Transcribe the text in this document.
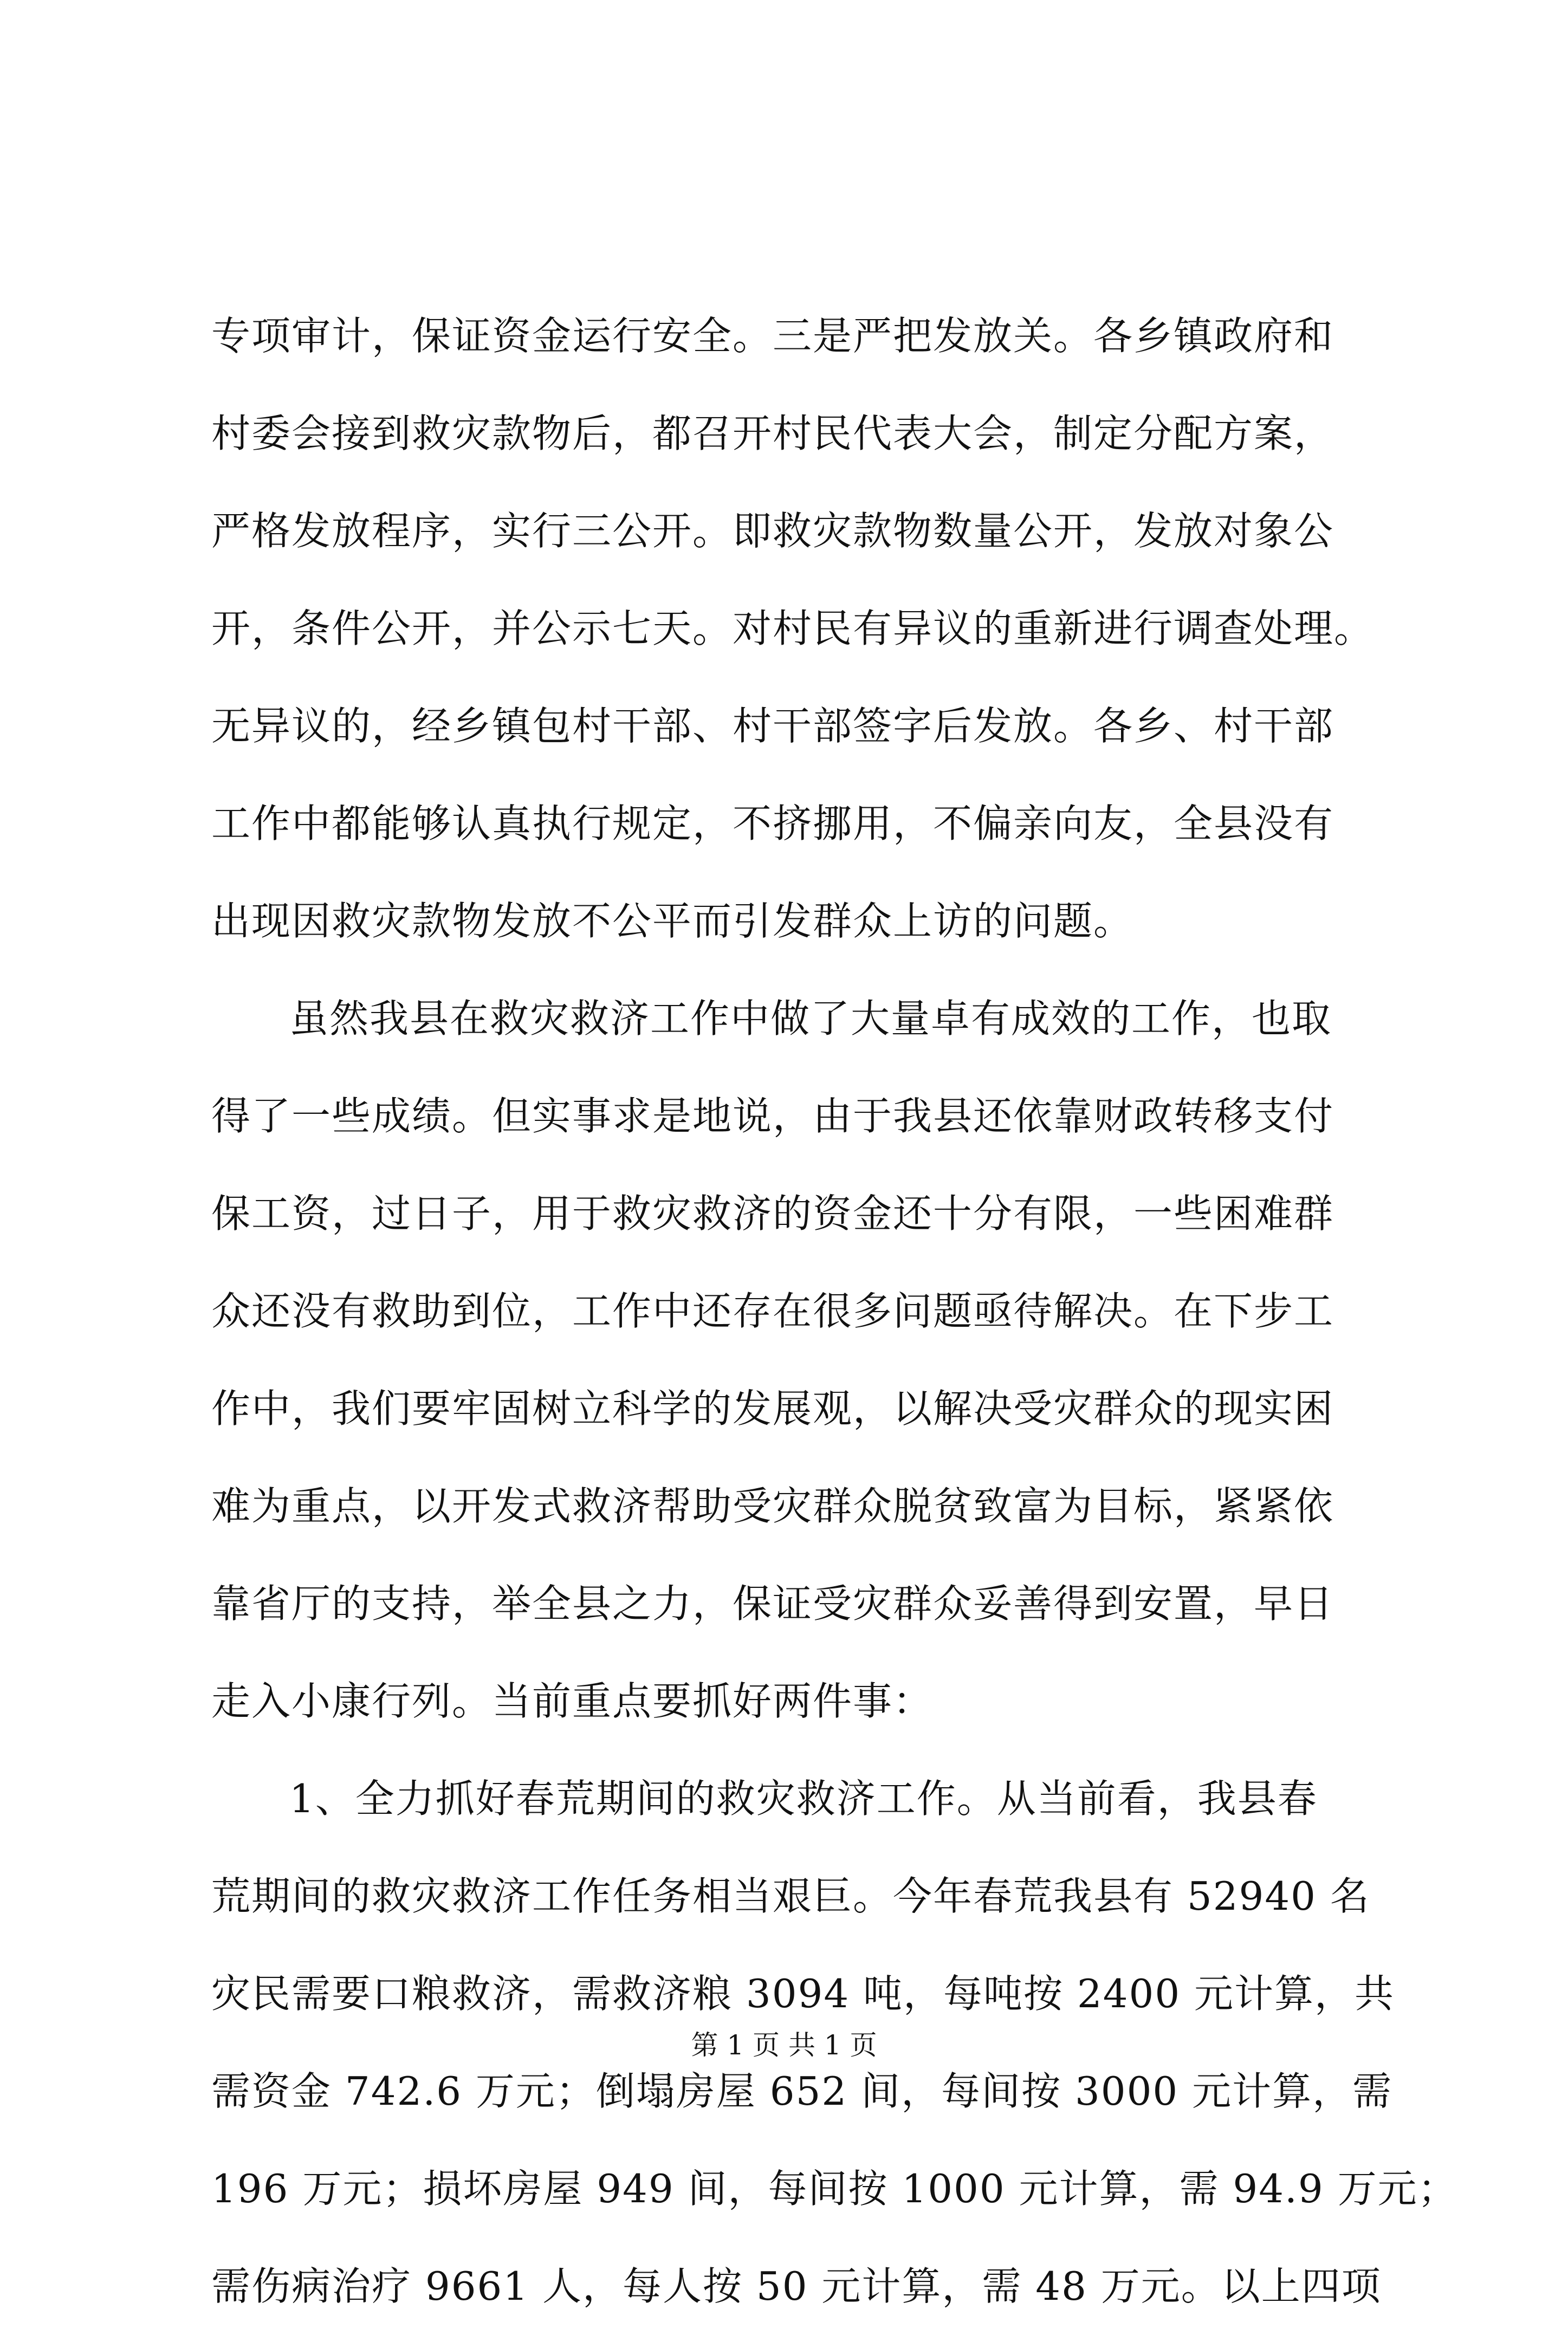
专项审计，保证资金运行安全。三是严把发放关。各乡镇政府和
村委会接到救灾款物后，都召开村民代表大会，制定分配方案，
严格发放程序，实行三公开。即救灾款物数量公开，发放对象公
开，条件公开，并公示七天。对村民有异议的重新进行调查处理。
无异议的，经乡镇包村干部、村干部签字后发放。各乡、村干部
工作中都能够认真执行规定，不挤挪用，不偏亲向友，全县没有
出现因救灾款物发放不公平而引发群众上访的问题。
虽然我县在救灾救济工作中做了大量卓有成效的工作，也取
得了一些成绩。但实事求是地说，由于我县还依靠财政转移支付
保工资，过日子，用于救灾救济的资金还十分有限，一些困难群
众还没有救助到位，工作中还存在很多问题亟待解决。在下步工
作中，我们要牢固树立科学的发展观，以解决受灾群众的现实困
难为重点，以开发式救济帮助受灾群众脱贫致富为目标，紧紧依
靠省厅的支持，举全县之力，保证受灾群众妥善得到安置，早日
走入小康行列。当前重点要抓好两件事：
1、全力抓好春荒期间的救灾救济工作。从当前看，我县春
荒期间的救灾救济工作任务相当艰巨。今年春荒我县有 52940 名
灾民需要口粮救济，需救济粮 3094 吨，每吨按 2400 元计算，共
需资金 742.6 万元；倒塌房屋 652 间，每间按 3000 元计算，需
196 万元；损坏房屋 949 间，每间按 1000 元计算，需 94.9 万元；
需伤病治疗 9661 人，每人按 50 元计算，需 48 万元。以上四项
第 1 页 共 1 页
